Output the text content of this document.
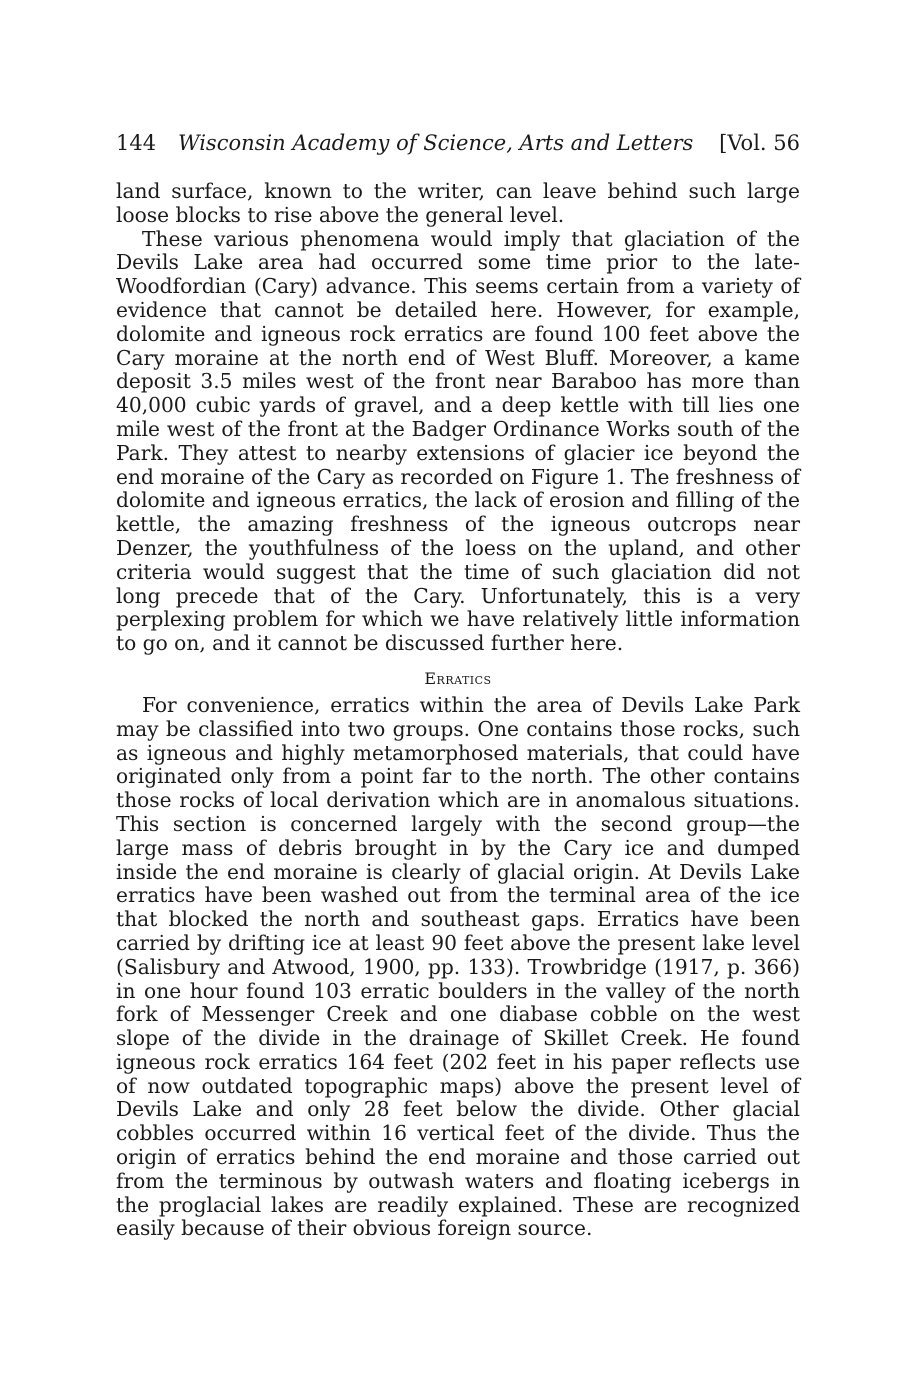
144 Wisconsin Academy of Science, Arts and Letters [Vol. 56

land surface, known to the writer, can leave behind such large loose blocks to rise above the general level.

These various phenomena would imply that glaciation of the Devils Lake area had occurred some time prior to the late-Woodfordian (Cary) advance. This seems certain from a variety of evidence that cannot be detailed here. However, for example, dolomite and igneous rock erratics are found 100 feet above the Cary moraine at the north end of West Bluff. Moreover, a kame deposit 3.5 miles west of the front near Baraboo has more than 40,000 cubic yards of gravel, and a deep kettle with till lies one mile west of the front at the Badger Ordinance Works south of the Park. They attest to nearby extensions of glacier ice beyond the end moraine of the Cary as recorded on Figure 1. The freshness of dolomite and igneous erratics, the lack of erosion and filling of the kettle, the amazing freshness of the igneous outcrops near Denzer, the youthfulness of the loess on the upland, and other criteria would suggest that the time of such glaciation did not long precede that of the Cary. Unfortunately, this is a very perplexing problem for which we have relatively little information to go on, and it cannot be discussed further here.

Erratics

For convenience, erratics within the area of Devils Lake Park may be classified into two groups. One contains those rocks, such as igneous and highly metamorphosed materials, that could have originated only from a point far to the north. The other contains those rocks of local derivation which are in anomalous situations. This section is concerned largely with the second group—the large mass of debris brought in by the Cary ice and dumped inside the end moraine is clearly of glacial origin. At Devils Lake erratics have been washed out from the terminal area of the ice that blocked the north and southeast gaps. Erratics have been carried by drifting ice at least 90 feet above the present lake level (Salisbury and Atwood, 1900, pp. 133). Trowbridge (1917, p. 366) in one hour found 103 erratic boulders in the valley of the north fork of Messenger Creek and one diabase cobble on the west slope of the divide in the drainage of Skillet Creek. He found igneous rock erratics 164 feet (202 feet in his paper reflects use of now outdated topographic maps) above the present level of Devils Lake and only 28 feet below the divide. Other glacial cobbles occurred within 16 vertical feet of the divide. Thus the origin of erratics behind the end moraine and those carried out from the terminous by outwash waters and floating icebergs in the proglacial lakes are readily explained. These are recognized easily because of their obvious foreign source.
